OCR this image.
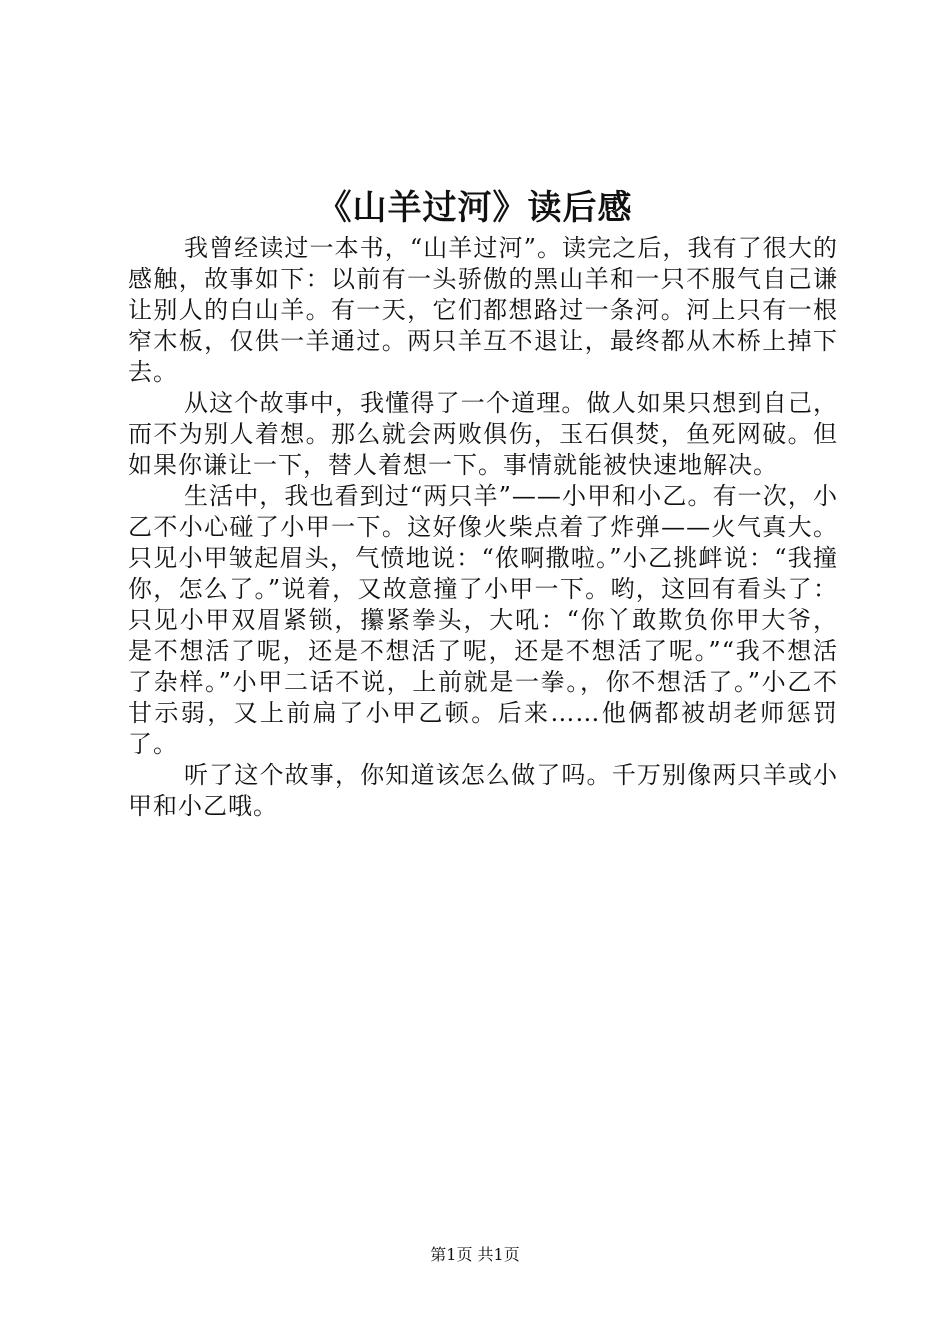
《山羊过河》读后感

我曾经读过一本书，“山羊过河”。读完之后，我有了很大的感触，故事如下：以前有一头骄傲的黑山羊和一只不服气自己谦让别人的白山羊。有一天，它们都想路过一条河。河上只有一根窄木板，仅供一羊通过。两只羊互不退让，最终都从木桥上掉下去。

从这个故事中，我懂得了一个道理。做人如果只想到自己，而不为别人着想。那么就会两败俱伤，玉石俱焚，鱼死网破。但如果你谦让一下，替人着想一下。事情就能被快速地解决。

生活中，我也看到过“两只羊”——小甲和小乙。有一次，小乙不小心碰了小甲一下。这好像火柴点着了炸弹——火气真大。只见小甲皱起眉头，气愤地说：“侬啊撒啦。”小乙挑衅说：“我撞你，怎么了。”说着，又故意撞了小甲一下。哟，这回有看头了：只见小甲双眉紧锁，攥紧拳头，大吼：“你丫敢欺负你甲大爷，是不想活了呢，还是不想活了呢，还是不想活了呢。”“我不想活了杂样。”小甲二话不说，上前就是一拳。，你不想活了。”小乙不甘示弱，又上前扁了小甲乙顿。后来……他俩都被胡老师惩罚了。

听了这个故事，你知道该怎么做了吗。千万别像两只羊或小甲和小乙哦。

第1页 共1页
